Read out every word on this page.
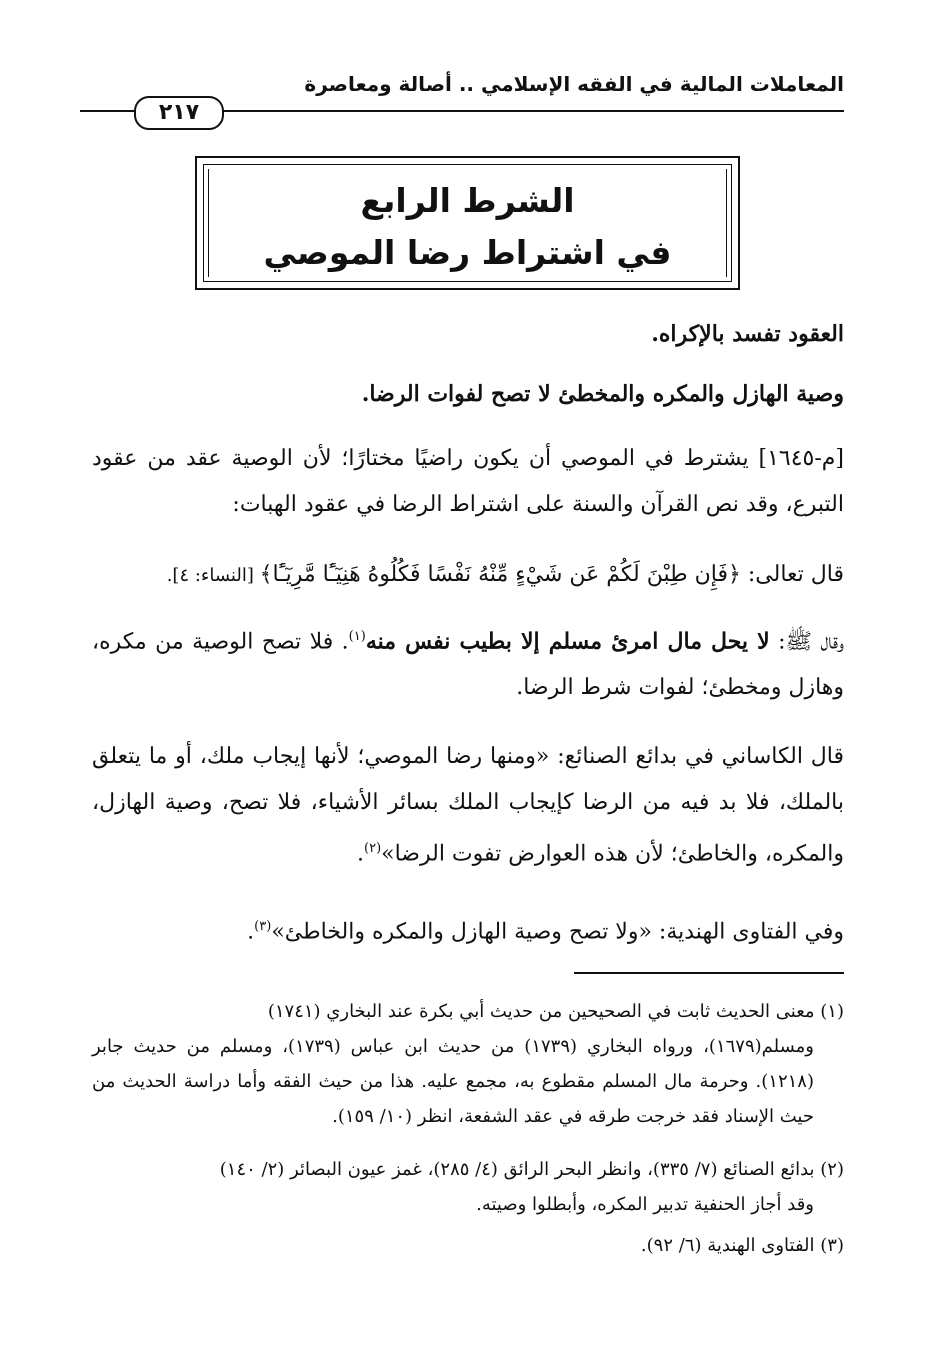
المعاملات المالية في الفقه الإسلامي .. أصالة ومعاصرة
٢١٧
الشرط الرابع
في اشتراط رضا الموصي
العقود تفسد بالإكراه.
وصية الهازل والمكره والمخطئ لا تصح لفوات الرضا.
[م-١٦٤٥] يشترط في الموصي أن يكون راضيًا مختارًا؛ لأن الوصية عقد من عقود التبرع، وقد نص القرآن والسنة على اشتراط الرضا في عقود الهبات:
قال تعالى: ﴿فَإِن طِبْنَ لَكُمْ عَن شَيْءٍ مِّنْهُ نَفْسًا فَكُلُوهُ هَنِيٓـًٔا مَّرِيٓـًٔا﴾ [النساء: ٤].
وقال ﷺ: لا يحل مال امرئ مسلم إلا بطيب نفس منه$^{(١)}$. فلا تصح الوصية من مكره، وهازل ومخطئ؛ لفوات شرط الرضا.
قال الكاساني في بدائع الصنائع: «ومنها رضا الموصي؛ لأنها إيجاب ملك، أو ما يتعلق بالملك، فلا بد فيه من الرضا كإيجاب الملك بسائر الأشياء، فلا تصح، وصية الهازل، والمكره، والخاطئ؛ لأن هذه العوارض تفوت الرضا»$^{(٢)}$.
وفي الفتاوى الهندية: «ولا تصح وصية الهازل والمكره والخاطئ»$^{(٣)}$.
(١) معنى الحديث ثابت في الصحيحين من حديث أبي بكرة عند البخاري (١٧٤١)
ومسلم(١٦٧٩)، ورواه البخاري (١٧٣٩) من حديث ابن عباس (١٧٣٩)، ومسلم من حديث جابر (١٢١٨). وحرمة مال المسلم مقطوع به، مجمع عليه. هذا من حيث الفقه وأما دراسة الحديث من حيث الإسناد فقد خرجت طرقه في عقد الشفعة، انظر (١٠/ ١٥٩).
(٢) بدائع الصنائع (٧/ ٣٣٥)، وانظر البحر الرائق (٤/ ٢٨٥)، غمز عيون البصائر (٢/ ١٤٠)
وقد أجاز الحنفية تدبير المكره، وأبطلوا وصيته.
(٣) الفتاوى الهندية (٦/ ٩٢).
